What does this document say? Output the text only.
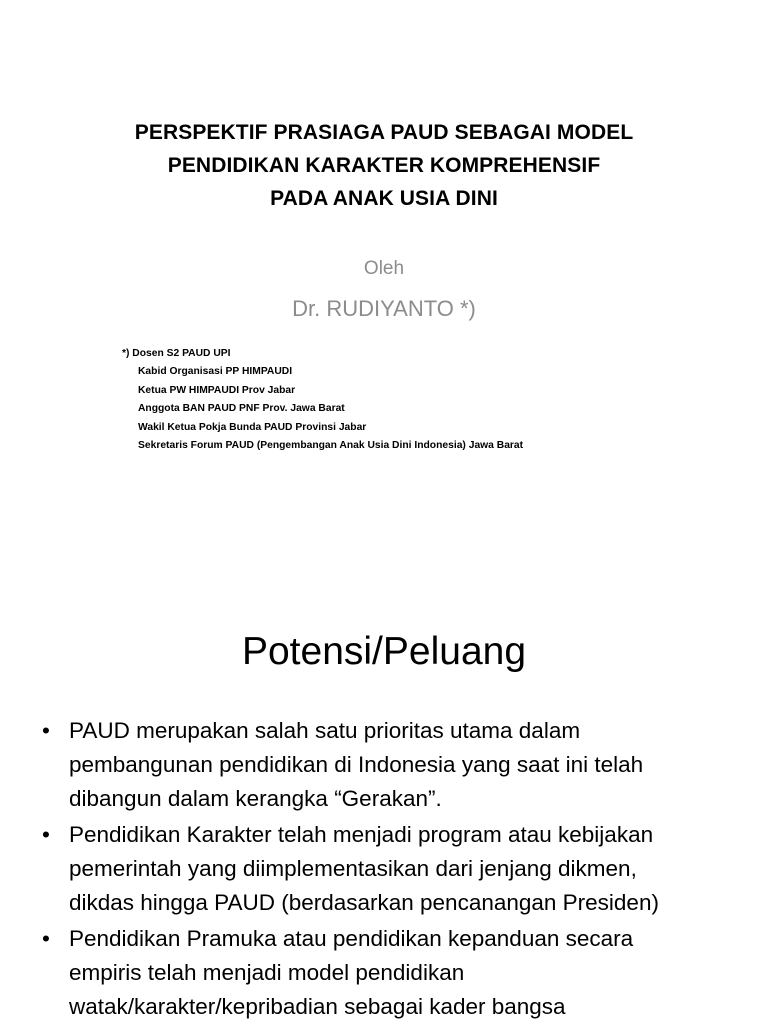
PERSPEKTIF PRASIAGA PAUD SEBAGAI MODEL
PENDIDIKAN KARAKTER KOMPREHENSIF
PADA ANAK USIA DINI
Oleh
Dr. RUDIYANTO *)
*) Dosen S2 PAUD UPI
Kabid Organisasi PP HIMPAUDI
Ketua PW HIMPAUDI Prov Jabar
Anggota BAN PAUD PNF Prov. Jawa Barat
Wakil Ketua Pokja Bunda PAUD Provinsi Jabar
Sekretaris Forum PAUD (Pengembangan Anak Usia Dini Indonesia) Jawa Barat
Potensi/Peluang
• PAUD merupakan salah satu prioritas utama dalam
pembangunan pendidikan di Indonesia yang saat ini telah
dibangun dalam kerangka “Gerakan”.
• Pendidikan Karakter telah menjadi program atau kebijakan
pemerintah yang diimplementasikan dari jenjang dikmen,
dikdas hingga PAUD (berdasarkan pencanangan Presiden)
• Pendidikan Pramuka atau pendidikan kepanduan secara
empiris telah menjadi model pendidikan
watak/karakter/kepribadian sebagai kader bangsa
